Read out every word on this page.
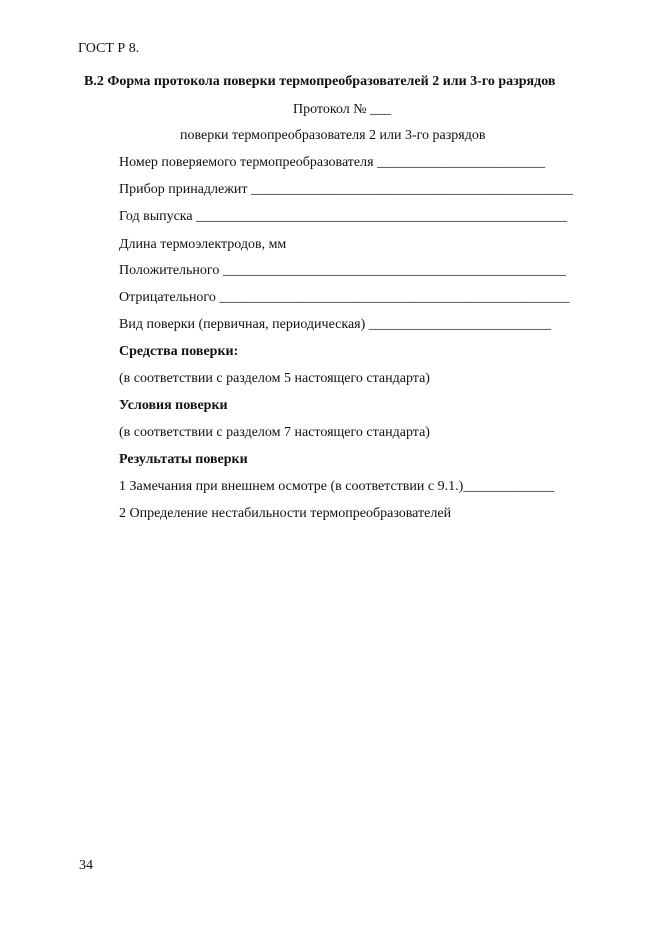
ГОСТ Р 8.
В.2 Форма протокола поверки термопреобразователей 2 или 3-го разрядов
Протокол № ___
поверки термопреобразователя 2 или 3-го разрядов
Номер поверяемого термопреобразователя ________________________
Прибор принадлежит ______________________________________________
Год выпуска _____________________________________________________
Длина термоэлектродов, мм
Положительного _________________________________________________
Отрицательного __________________________________________________
Вид поверки (первичная, периодическая) __________________________
Средства поверки:
(в соответствии с разделом 5 настоящего стандарта)
Условия поверки
(в соответствии с разделом 7 настоящего стандарта)
Результаты поверки
1 Замечания при внешнем осмотре (в соответствии с 9.1.)_____________
2 Определение нестабильности термопреобразователей
34
